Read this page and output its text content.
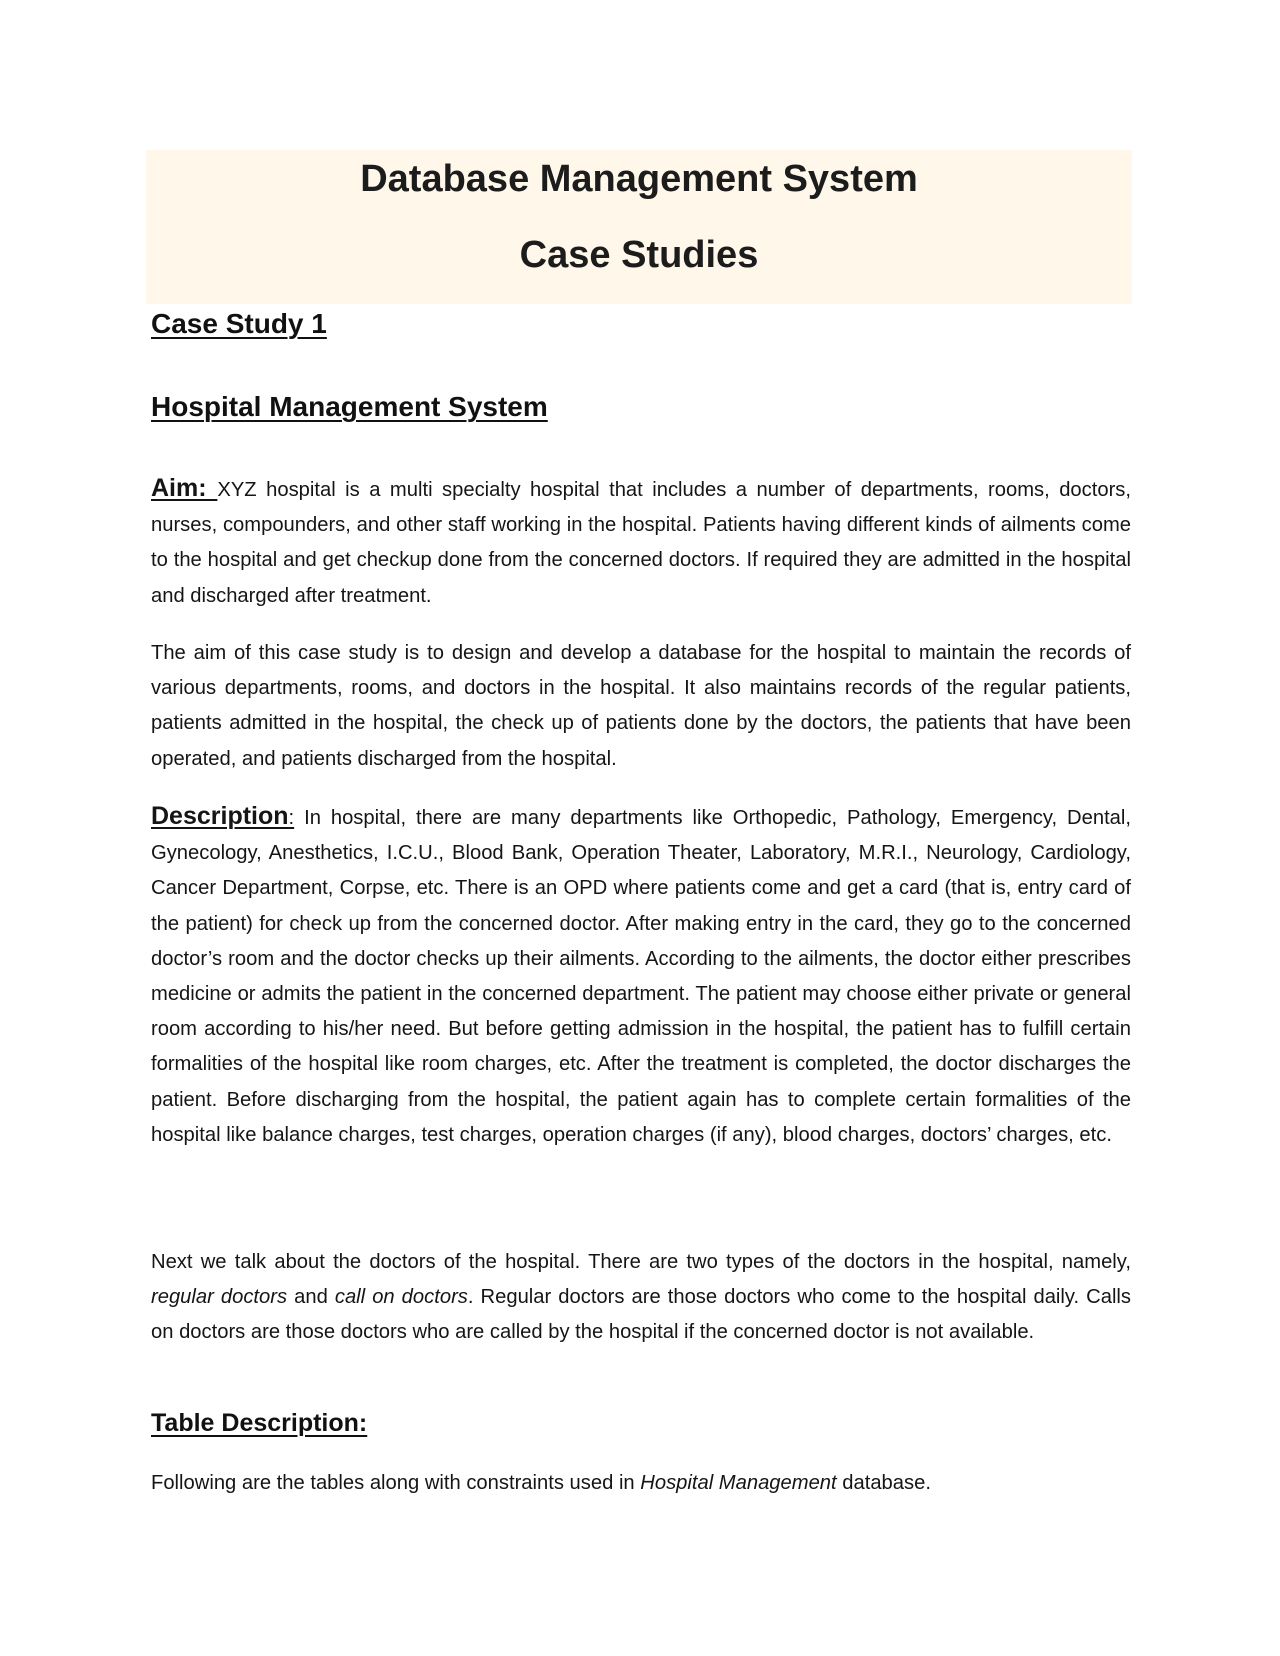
Database Management System
Case Studies
Case Study 1
Hospital Management System

Aim: XYZ hospital is a multi specialty hospital that includes a number of departments, rooms, doctors, nurses, compounders, and other staff working in the hospital. Patients having different kinds of ailments come to the hospital and get checkup done from the concerned doctors. If required they are admitted in the hospital and discharged after treatment.

The aim of this case study is to design and develop a database for the hospital to maintain the records of various departments, rooms, and doctors in the hospital. It also maintains records of the regular patients, patients admitted in the hospital, the check up of patients done by the doctors, the patients that have been operated, and patients discharged from the hospital.

Description: In hospital, there are many departments like Orthopedic, Pathology, Emergency, Dental, Gynecology, Anesthetics, I.C.U., Blood Bank, Operation Theater, Laboratory, M.R.I., Neurology, Cardiology, Cancer Department, Corpse, etc. There is an OPD where patients come and get a card (that is, entry card of the patient) for check up from the concerned doctor. After making entry in the card, they go to the concerned doctor’s room and the doctor checks up their ailments. According to the ailments, the doctor either prescribes medicine or admits the patient in the concerned department. The patient may choose either private or general room according to his/her need. But before getting admission in the hospital, the patient has to fulfill certain formalities of the hospital like room charges, etc. After the treatment is completed, the doctor discharges the patient. Before discharging from the hospital, the patient again has to complete certain formalities of the hospital like balance charges, test charges, operation charges (if any), blood charges, doctors’ charges, etc.

Next we talk about the doctors of the hospital. There are two types of the doctors in the hospital, namely, regular doctors and call on doctors. Regular doctors are those doctors who come to the hospital daily. Calls on doctors are those doctors who are called by the hospital if the concerned doctor is not available.

Table Description:

Following are the tables along with constraints used in Hospital Management database.
